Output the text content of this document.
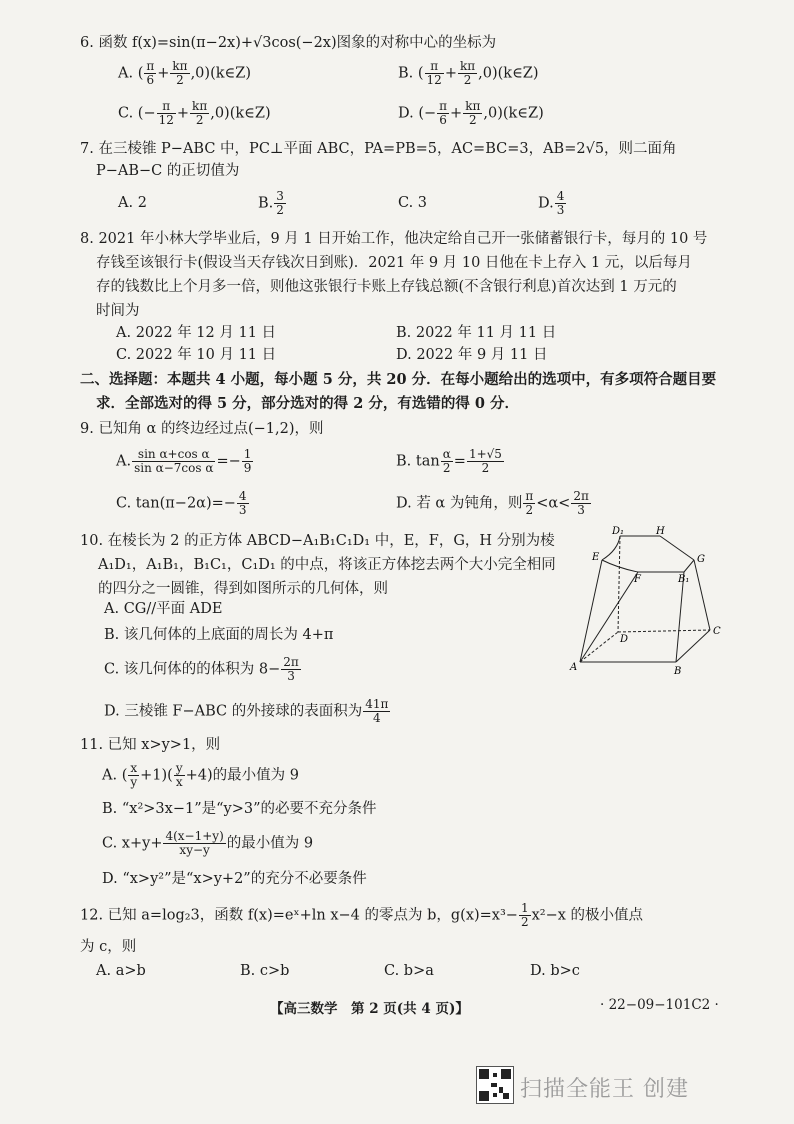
6. 函数 f(x)=sin(π−2x)+√3cos(−2x)图象的对称中心的坐标为
A. ( $\frac{\pi}{6} + \frac{k\pi}{2}$ ,0)(k∈Z)	B. ( $\frac{\pi}{12} + \frac{k\pi}{2}$ ,0)(k∈Z)
C. (− $\frac{\pi}{12} + \frac{k\pi}{2}$ ,0)(k∈Z)	D. (− $\frac{\pi}{6} + \frac{k\pi}{2}$ ,0)(k∈Z)
7. 在三棱锥 P−ABC 中，PC⊥平面 ABC，PA=PB=5，AC=BC=3，AB=2√5，则二面角
P−AB−C 的正切值为
A. 2	B. $\frac{3}{2}$	C. 3	D. $\frac{4}{3}$
8. 2021 年小林大学毕业后，9 月 1 日开始工作，他决定给自己开一张储蓄银行卡，每月的 10 号
存钱至该银行卡(假设当天存钱次日到账)．2021 年 9 月 10 日他在卡上存入 1 元，以后每月
存的钱数比上个月多一倍，则他这张银行卡账上存钱总额(不含银行利息)首次达到 1 万元的
时间为
A. 2022 年 12 月 11 日	B. 2022 年 11 月 11 日
C. 2022 年 10 月 11 日	D. 2022 年 9 月 11 日
二、选择题：本题共 4 小题，每小题 5 分，共 20 分．在每小题给出的选项中，有多项符合题目要
求．全部选对的得 5 分，部分选对的得 2 分，有选错的得 0 分．
9. 已知角 α 的终边经过点(−1,2)，则
A. $\frac{\text{sin α+cos α}}{\text{sin α−7cos α}} =- \frac{1}{9}$	B. $\tan \frac{\alpha}{2} = \frac{1+√5}{2}$
C. $\tan(\pi-2\alpha)=- \frac{4}{3}$	D. 若 α 为钝角，则 $\frac{\pi}{2} <\alpha< \frac{2\pi}{3}$
10. 在棱长为 2 的正方体 ABCD−A₁B₁C₁D₁ 中，E，F，G，H 分别为棱
A₁D₁，A₁B₁，B₁C₁，C₁D₁ 的中点，将该正方体挖去两个大小完全相同
的四分之一圆锥，得到如图所示的几何体，则
A. CG//平面 ADE
B. 该几何体的上底面的周长为 4+π
C. 该几何体的的体积为 $8- \frac{2\pi}{3}$
D. 三棱锥 F−ABC 的外接球的表面积为 $\frac{41\pi}{4}$
D₁	H
E	G
F	B₁
D
C
A	B
11. 已知 x>y>1，则
A. ( $\frac{x}{y} +1)( \frac{y}{x} +4)$的最小值为 9
B. “x²>3x−1”是“y>3”的必要不充分条件
C. $x+y+ \frac{4(x-1+y)}{xy-y}$ 的最小值为 9
D. “x>y²”是“x>y+2”的充分不必要条件
12. 已知 a=log₂3，函数 f(x)=eˣ+ln x−4 的零点为 b，$g(x)=x^3- \frac{1}{2} x^2-x$ 的极小值点
为 c，则
A. a>b	B. c>b	C. b>a	D. b>c
【高三数学　第 2 页(共 4 页)】	· 22−09−101C2 ·
扫描全能王 创建
